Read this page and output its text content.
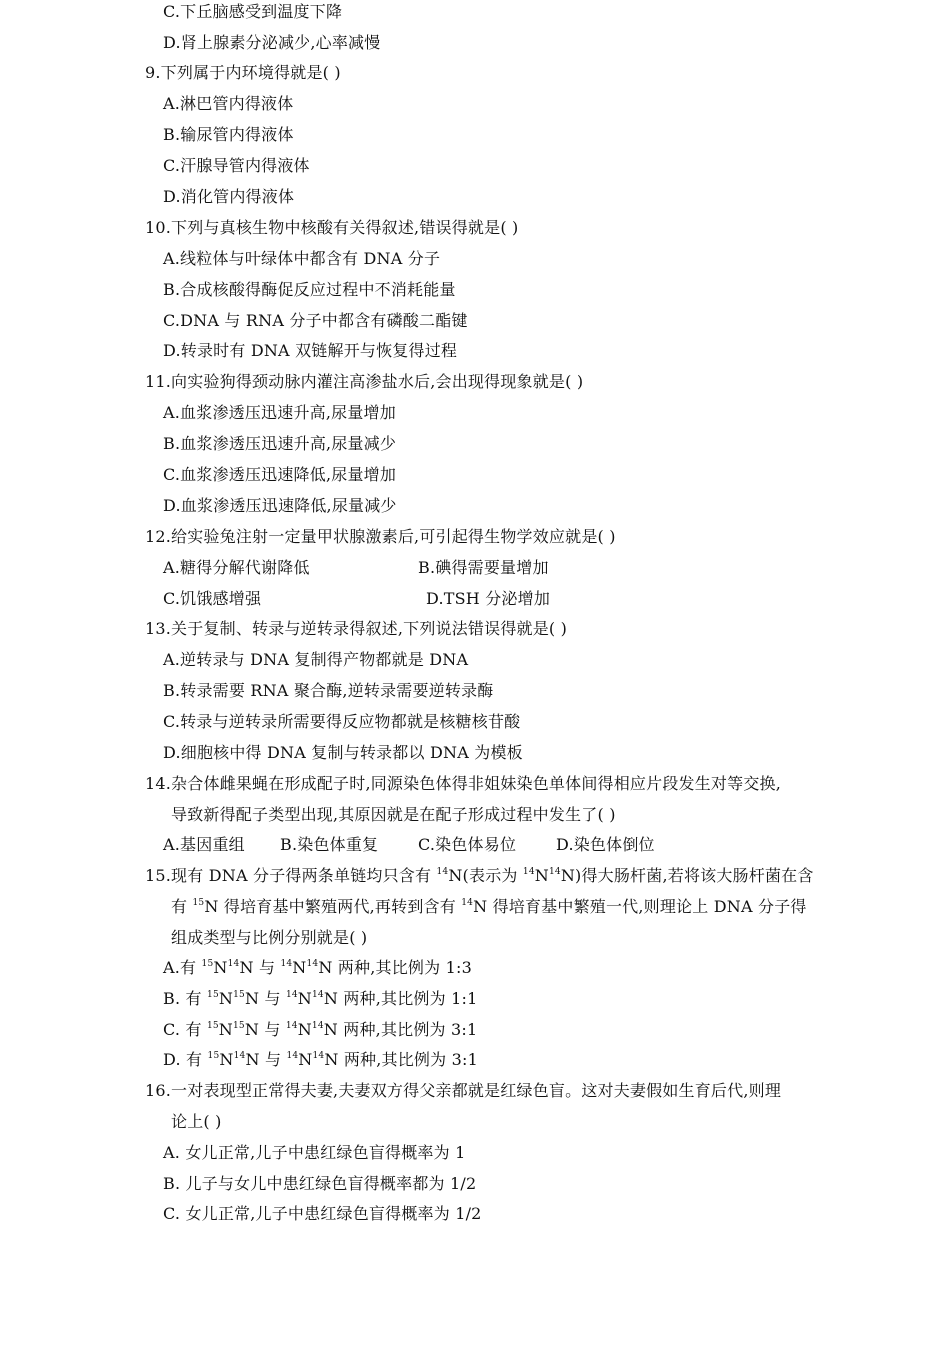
C.下丘脑感受到温度下降
D.肾上腺素分泌减少,心率减慢
9.下列属于内环境得就是( )
A.淋巴管内得液体
B.输尿管内得液体
C.汗腺导管内得液体
D.消化管内得液体
10.下列与真核生物中核酸有关得叙述,错误得就是( )
A.线粒体与叶绿体中都含有 DNA 分子
B.合成核酸得酶促反应过程中不消耗能量
C.DNA 与 RNA 分子中都含有磷酸二酯键
D.转录时有 DNA 双链解开与恢复得过程
11.向实验狗得颈动脉内灌注高渗盐水后,会出现得现象就是( )
A.血浆渗透压迅速升高,尿量增加
B.血浆渗透压迅速升高,尿量减少
C.血浆渗透压迅速降低,尿量增加
D.血浆渗透压迅速降低,尿量减少
12.给实验兔注射一定量甲状腺激素后,可引起得生物学效应就是( )
A.糖得分解代谢降低	B.碘得需要量增加
C.饥饿感增强	D.TSH 分泌增加
13.关于复制、转录与逆转录得叙述,下列说法错误得就是( )
A.逆转录与 DNA 复制得产物都就是 DNA
B.转录需要 RNA 聚合酶,逆转录需要逆转录酶
C.转录与逆转录所需要得反应物都就是核糖核苷酸
D.细胞核中得 DNA 复制与转录都以 DNA 为模板
14.杂合体雌果蝇在形成配子时,同源染色体得非姐妹染色单体间得相应片段发生对等交换,
导致新得配子类型出现,其原因就是在配子形成过程中发生了( )
A.基因重组 B.染色体重复 C.染色体易位 D.染色体倒位
15.现有 DNA 分子得两条单链均只含有 $^{14}$N(表示为 $^{14}N^{14}N$)得大肠杆菌,若将该大肠杆菌在含
有 $^{15}$N 得培育基中繁殖两代,再转到含有 $^{14}$N 得培育基中繁殖一代,则理论上 DNA 分子得
组成类型与比例分别就是( )
A.有 $^{15}N^{14}N$ 与 $^{14}N^{14}N$ 两种,其比例为 1:3
B. 有 $^{15}N^{15}N$ 与 $^{14}N^{14}N$ 两种,其比例为 1:1
C. 有 $^{15}N^{15}N$ 与 $^{14}N^{14}N$ 两种,其比例为 3:1
D. 有 $^{15}N^{14}N$ 与 $^{14}N^{14}N$ 两种,其比例为 3:1
16.一对表现型正常得夫妻,夫妻双方得父亲都就是红绿色盲。这对夫妻假如生育后代,则理
论上( )
A. 女儿正常,儿子中患红绿色盲得概率为 1
B. 儿子与女儿中患红绿色盲得概率都为 1/2
C. 女儿正常,儿子中患红绿色盲得概率为 1/2
